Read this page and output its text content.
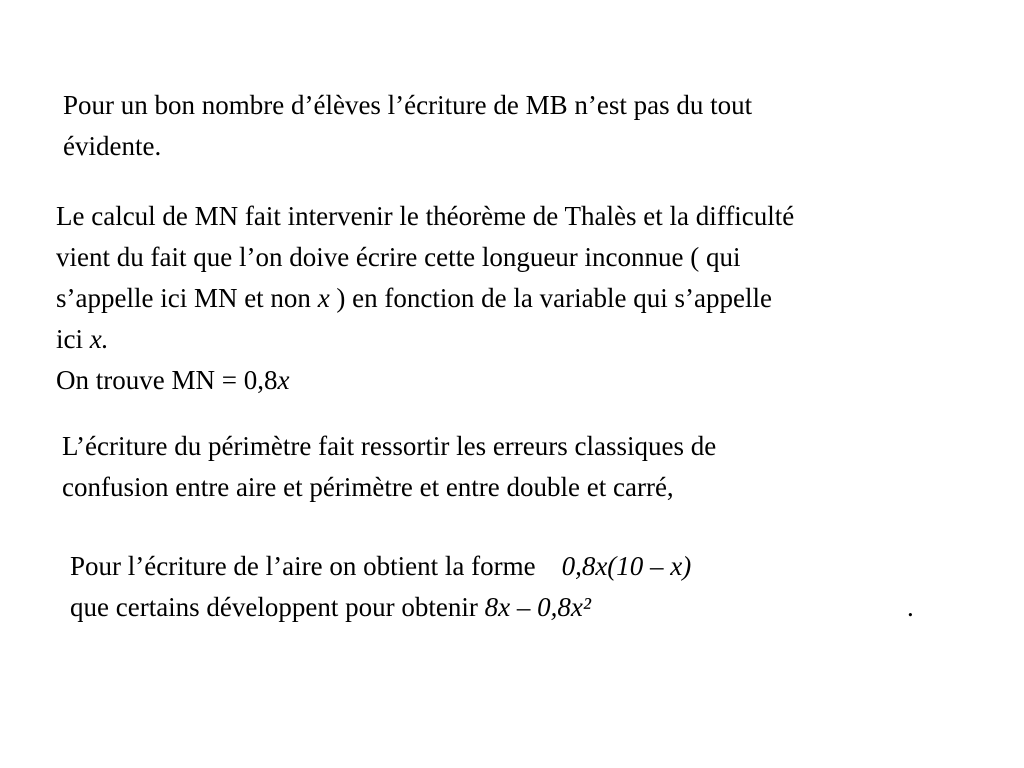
Pour un bon nombre d’élèves l’écriture de MB n’est pas du tout
évidente.
Le calcul de MN fait intervenir le théorème de Thalès et la difficulté
vient du fait que l’on doive écrire cette longueur inconnue ( qui
s’appelle ici MN et non x ) en fonction de la variable qui s’appelle
ici x.
On trouve MN = 0,8x
L’écriture du périmètre fait ressortir les erreurs classiques de
confusion entre aire et périmètre et entre double et carré,
Pour l’écriture de l’aire on obtient la forme 0,8x(10 – x)
que certains développent pour obtenir 8x – 0,8x²	.
